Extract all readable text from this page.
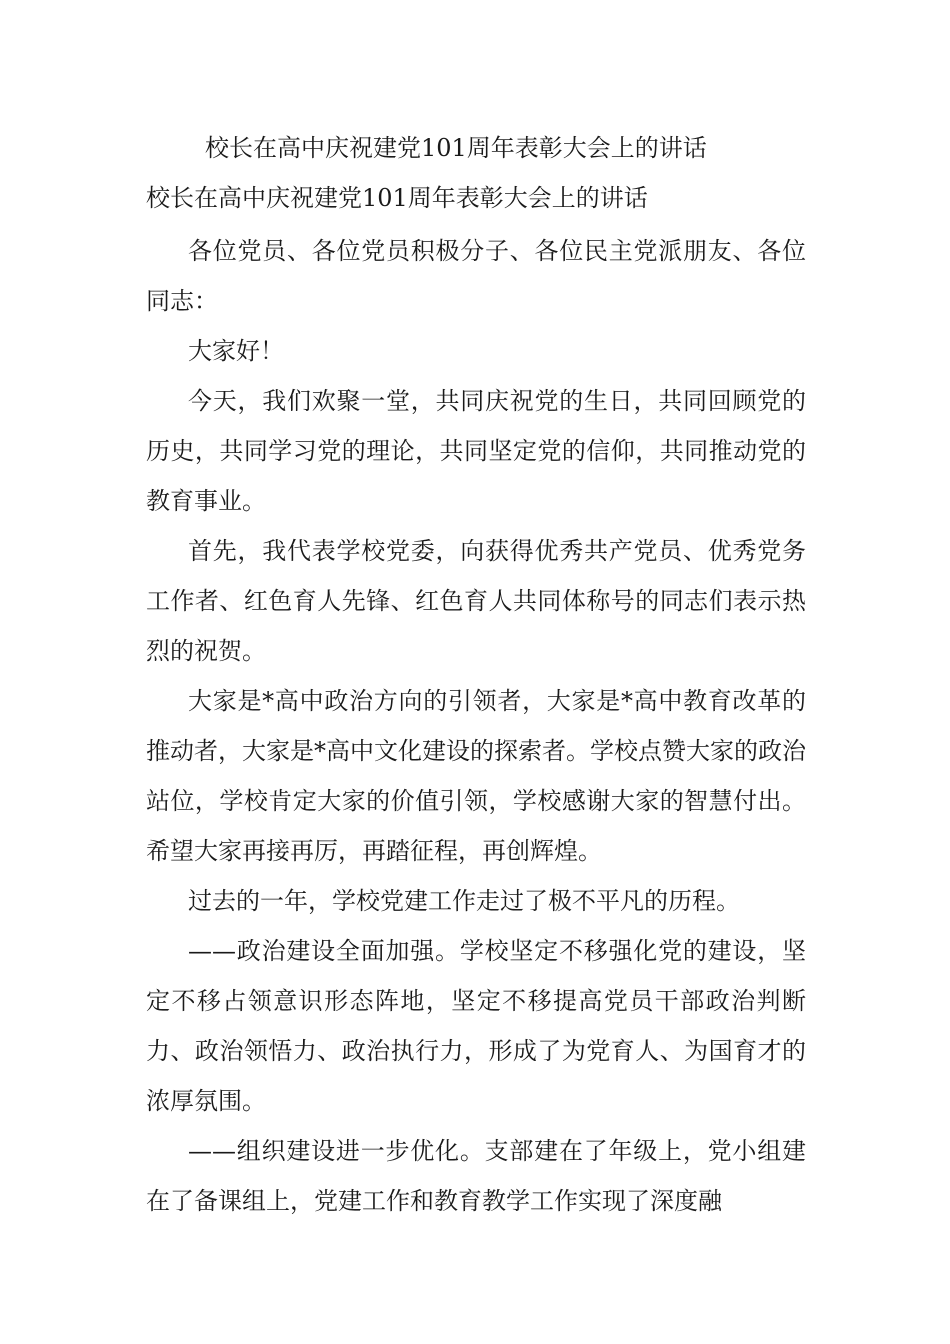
校长在高中庆祝建党101周年表彰大会上的讲话
校长在高中庆祝建党101周年表彰大会上的讲话

各位党员、各位党员积极分子、各位民主党派朋友、各位同志：

大家好！

今天，我们欢聚一堂，共同庆祝党的生日，共同回顾党的历史，共同学习党的理论，共同坚定党的信仰，共同推动党的教育事业。

首先，我代表学校党委，向获得优秀共产党员、优秀党务工作者、红色育人先锋、红色育人共同体称号的同志们表示热烈的祝贺。

大家是*高中政治方向的引领者，大家是*高中教育改革的推动者，大家是*高中文化建设的探索者。学校点赞大家的政治站位，学校肯定大家的价值引领，学校感谢大家的智慧付出。希望大家再接再厉，再踏征程，再创辉煌。

过去的一年，学校党建工作走过了极不平凡的历程。

——政治建设全面加强。学校坚定不移强化党的建设，坚定不移占领意识形态阵地，坚定不移提高党员干部政治判断力、政治领悟力、政治执行力，形成了为党育人、为国育才的浓厚氛围。

——组织建设进一步优化。支部建在了年级上，党小组建在了备课组上，党建工作和教育教学工作实现了深度融
